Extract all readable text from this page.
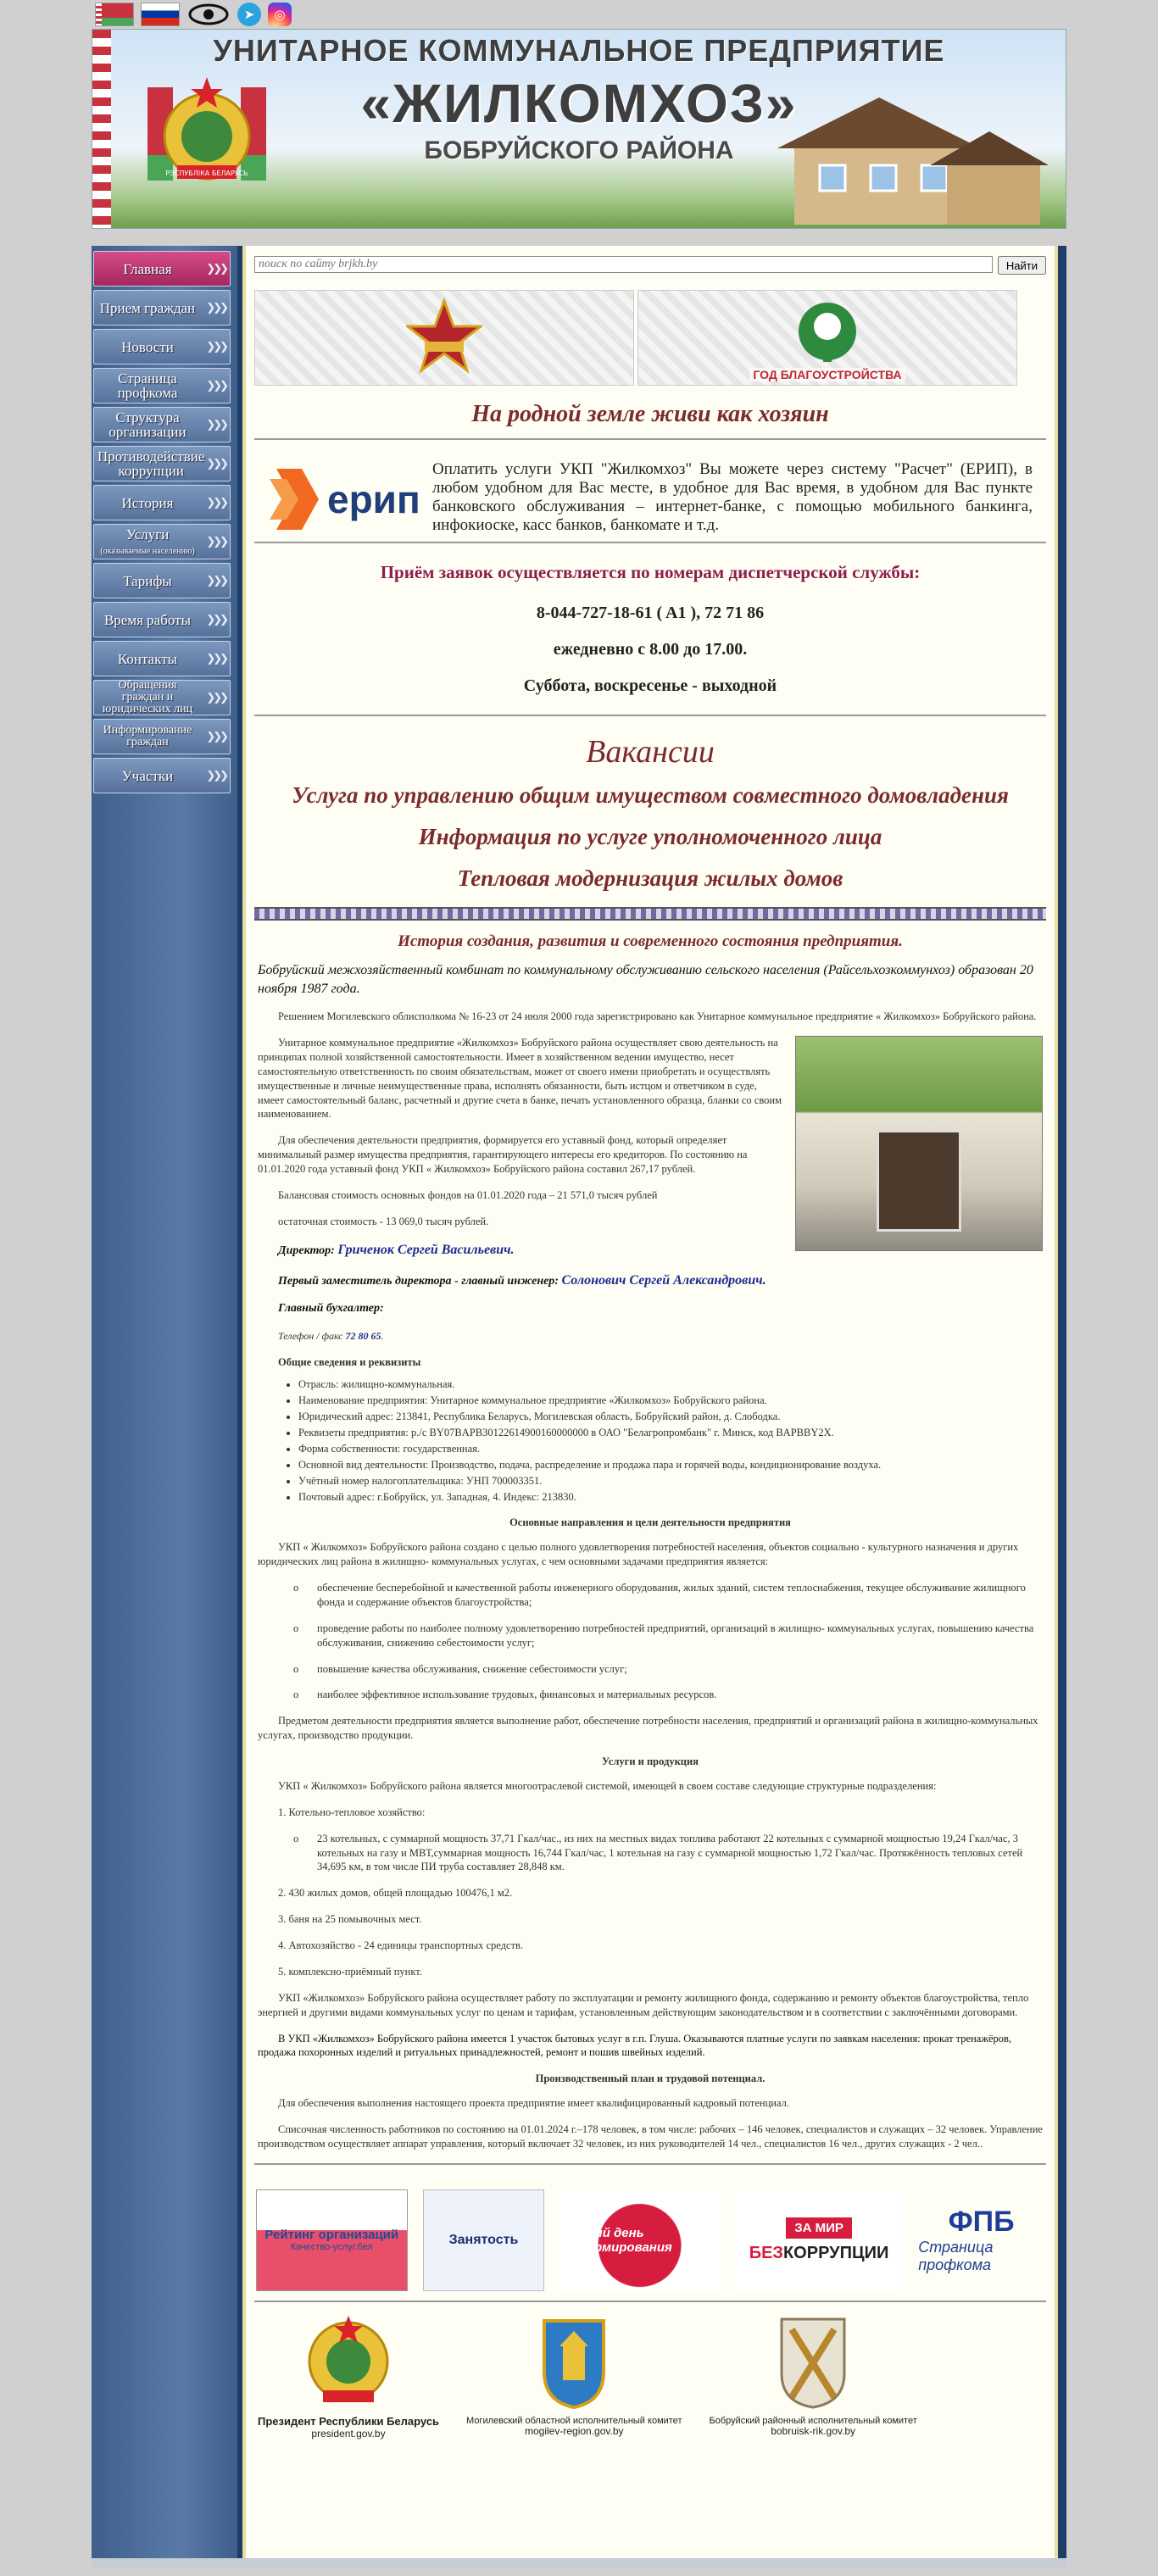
➤	◎
РЭСПУБЛІКА БЕЛАРУСЬ
УНИТАРНОЕ КОММУНАЛЬНОЕ ПРЕДПРИЯТИЕ
«ЖИЛКОМХОЗ»
БОБРУЙСКОГО РАЙОНА
Главная	❯❯❯
Прием граждан	❯❯❯
Новости	❯❯❯
Страница профкома	❯❯❯
Структура организации	❯❯❯
Противодействие коррупции	❯❯❯
История	❯❯❯
Услуги
(оказываемые населению)
❯❯❯
Тарифы	❯❯❯
Время работы	❯❯❯
Контакты	❯❯❯
Обращения граждан и юридических лиц
❯❯❯
Информирование граждан	❯❯❯
Участки	❯❯❯
поиск по сайту brjkh.by
Найти
ГОД БЛАГОУСТРОЙСТВА
На родной земле живи как хозяин
ерип
Оплатить услуги УКП "Жилкомхоз" Вы можете через систему "Расчет" (ЕРИП), в любом удобном для Вас месте, в удобное для Вас время, в удобном для Вас пункте банковского обслуживания – интернет-банке, с помощью мобильного банкинга, инфокиоске, касс банков, банкомате и т.д.
Приём заявок осуществляется по номерам диспетчерской службы:
8-044-727-18-61 ( A1 ), 72 71 86
ежедневно с 8.00 до 17.00.
Суббота, воскресенье - выходной
Вакансии
Услуга по управлению общим имуществом совместного домовладения
Информация по услуге уполномоченного лица
Тепловая модернизация жилых домов
История создания, развития и современного состояния предприятия.

Бобруйский межхозяйственный комбинат по коммунальному обслуживанию сельского населения (Райсельхозкоммунхоз) образован 20 ноября 1987 года.

Решением Могилевского облисполкома № 16-23 от 24 июля 2000 года зарегистрировано как Унитарное коммунальное предприятие « Жилкомхоз» Бобруйского района.

Унитарное коммунальное предприятие «Жилкомхоз» Бобруйского района осуществляет свою деятельность на принципах полной хозяйственной самостоятельности. Имеет в хозяйственном ведении имущество, несет самостоятельную ответственность по своим обязательствам, может от своего имени приобретать и осуществлять имущественные и личные неимущественные права, исполнять обязанности, быть истцом и ответчиком в суде, имеет самостоятельный баланс, расчетный и другие счета в банке, печать установленного образца, бланки со своим наименованием.

Для обеспечения деятельности предприятия, формируется его уставный фонд, который определяет минимальный размер имущества предприятия, гарантирующего интересы его кредиторов. По состоянию на 01.01.2020 года уставный фонд УКП « Жилкомхоз» Бобруйского района составил 267,17 рублей.

Балансовая стоимость основных фондов на 01.01.2020 года – 21 571,0 тысяч рублей

остаточная стоимость - 13 069,0 тысяч рублей.

Директор: Гриченок Сергей Васильевич.

Первый заместитель директора - главный инженер: Солонович Сергей Александрович.

Главный бухгалтер:

Телефон / факс 72 80 65.

Общие сведения и реквизиты
• Отрасль: жилищно-коммунальная.
• Наименование предприятия: Унитарное коммунальное предприятие «Жилкомхоз» Бобруйского района.
• Юридический адрес: 213841, Республика Беларусь, Могилевская область, Бобруйский район, д. Слободка.
• Реквизеты предприятия: р./с BY07BAPB30122614900160000000 в ОАО "Белагропромбанк" г. Минск, код BAPBBY2X.
• Форма собственности: государственная.
• Основной вид деятельности: Производство, подача, распределение и продажа пара и горячей воды, кондиционирование воздуха.
• Учётный номер налогоплательщика: УНП 700003351.
• Почтовый адрес: г.Бобруйск, ул. Западная, 4. Индекс: 213830.
Основные направления и цели деятельности предприятия

УКП « Жилкомхоз» Бобруйского района создано с целью полного удовлетворения потребностей населения, объектов социально - культурного назначения и других юридических лиц района в жилищно- коммунальных услугах, с чем основными задачами предприятия является:

o обеспечение бесперебойной и качественной работы инженерного оборудования, жилых зданий, систем теплоснабжения, текущее обслуживание жилищного фонда и содержание объектов благоустройства;
o проведение работы по наиболее полному удовлетворению потребностей предприятий, организаций в жилищно- коммунальных услугах, повышению качества обслуживания, снижению себестоимости услуг;
o повышение качества обслуживания, снижение себестоимости услуг;
o наиболее эффективное использование трудовых, финансовых и материальных ресурсов.

Предметом деятельности предприятия является выполнение работ, обеспечение потребности населения, предприятий и организаций района в жилищно-коммунальных услугах, производство продукции.

Услуги и продукция

УКП « Жилкомхоз» Бобруйского района является многоотраслевой системой, имеющей в своем составе следующие структурные подразделения:

1. Котельно-тепловое хозяйство:

o 23 котельных, с суммарной мощность 37,71 Гкал/час., из них на местных видах топлива работают 22 котельных с суммарной мощностью 19,24 Гкал/час, 3 котельных на газу и МВТ,суммарная мощность 16,744 Гкал/час, 1 котельная на газу с суммарной мощностью 1,72 Гкал/час. Протяжённость тепловых сетей 34,695 км, в том числе ПИ труба составляет 28,848 км.

2. 430 жилых домов, общей площадью 100476,1 м2.

3. баня на 25 помывочных мест.

4. Автохозяйство - 24 единицы транспортных средств.

5. комплексно-приёмный пункт.

УКП «Жилкомхоз» Бобруйского района осуществляет работу по эксплуатации и ремонту жилищного фонда, содержанию и ремонту объектов благоустройства, тепло энергией и другими видами коммунальных услуг по ценам и тарифам, установленным действующим законодательством и в соответствии с заключёнными договорами.

В УКП «Жилкомхоз» Бобруйского района имеется 1 участок бытовых услуг в г.п. Глуша. Оказываются платные услуги по заявкам населения: прокат тренажёров, продажа похоронных изделий и ритуальных принадлежностей, ремонт и пошив швейных изделий.

Производственный план и трудовой потенциал.

Для обеспечения выполнения настоящего проекта предприятие имеет квалифицированный кадровый потенциал.

Списочная численность работников по состоянию на 01.01.2024 г.–178 человек, в том числе: рабочих – 146 человек, специалистов и служащих – 32 человек. Управление производством осуществляет аппарат управления, который включает 32 человек, из них руководителей 14 чел., специалистов 16 чел., других служащих - 2 чел..

Рейтинг организаций
Качество-услуг.бел
Занятость	Единый день информирования
ЗА МИР
БЕЗКОРРУПЦИИ
ФПБ
Страница профкома
Президент Республики Беларусь
president.gov.by
Могилевский областной исполнительный комитет
mogilev-region.gov.by
Бобруйский районный исполнительный комитет
bobruisk-rik.gov.by
